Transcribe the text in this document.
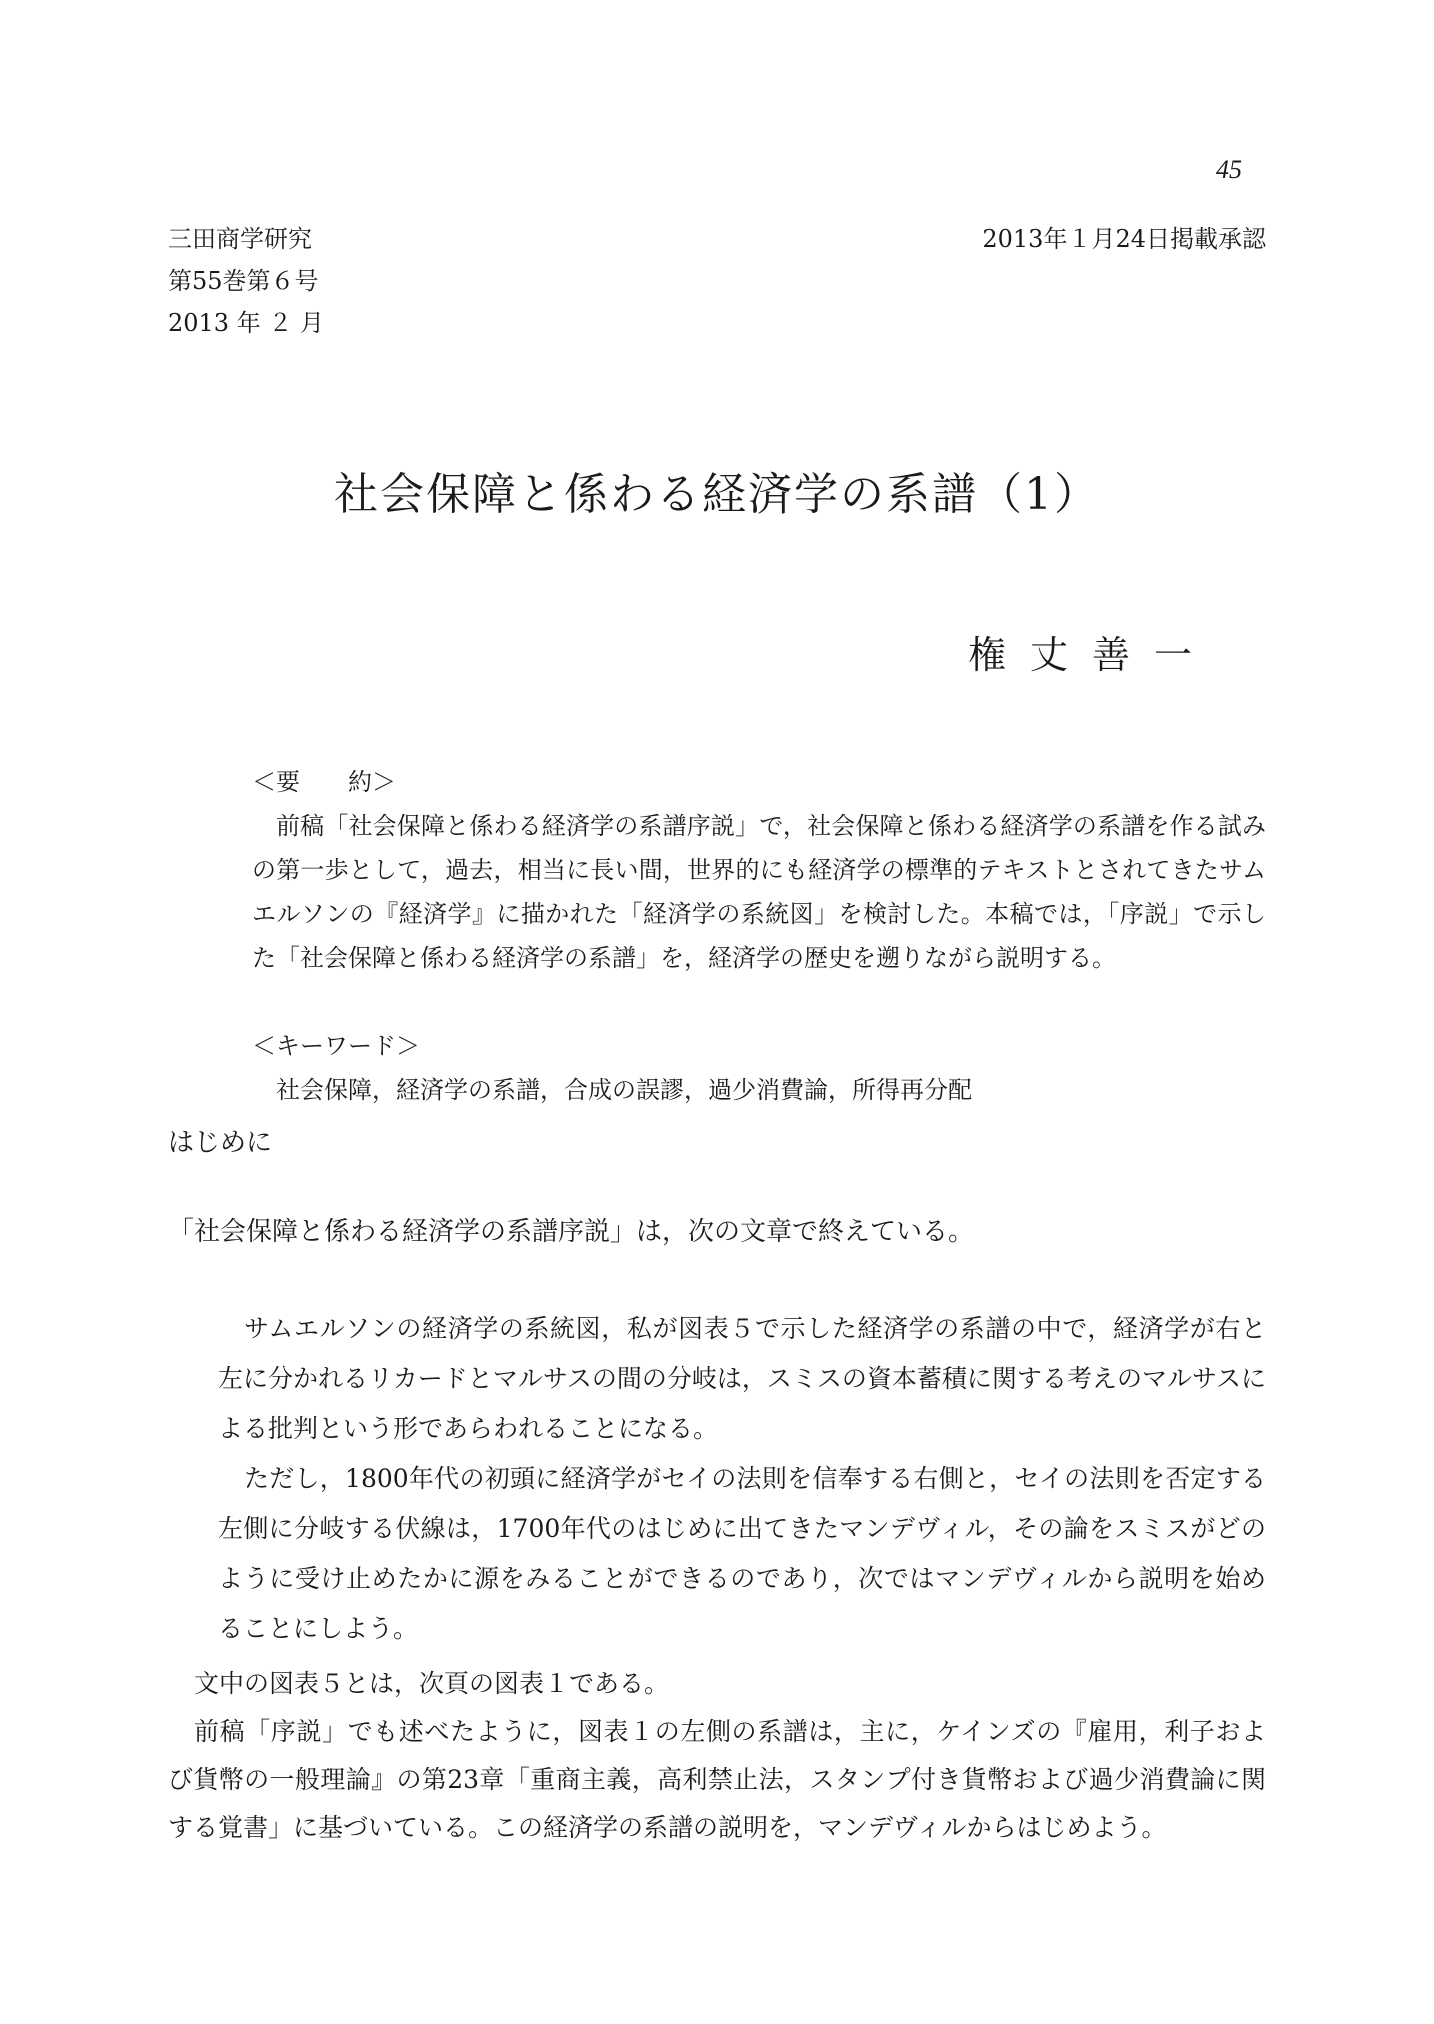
45
三田商学研究
第55巻第６号
2013 年 ２ 月
2013年１月24日掲載承認
社会保障と係わる経済学の系譜（1）
権丈善一
＜要　　約＞
前稿「社会保障と係わる経済学の系譜序説」で，社会保障と係わる経済学の系譜を作る試みの第一歩として，過去，相当に長い間，世界的にも経済学の標準的テキストとされてきたサムエルソンの『経済学』に描かれた「経済学の系統図」を検討した。本稿では，「序説」で示した「社会保障と係わる経済学の系譜」を，経済学の歴史を遡りながら説明する。
＜キーワード＞
社会保障，経済学の系譜，合成の誤謬，過少消費論，所得再分配
はじめに
「社会保障と係わる経済学の系譜序説」は，次の文章で終えている。

サムエルソンの経済学の系統図，私が図表５で示した経済学の系譜の中で，経済学が右と左に分かれるリカードとマルサスの間の分岐は，スミスの資本蓄積に関する考えのマルサスによる批判という形であらわれることになる。

ただし，1800年代の初頭に経済学がセイの法則を信奉する右側と，セイの法則を否定する左側に分岐する伏線は，1700年代のはじめに出てきたマンデヴィル，その論をスミスがどのように受け止めたかに源をみることができるのであり，次ではマンデヴィルから説明を始めることにしよう。

文中の図表５とは，次頁の図表１である。

前稿「序説」でも述べたように，図表１の左側の系譜は，主に，ケインズの『雇用，利子および貨幣の一般理論』の第23章「重商主義，高利禁止法，スタンプ付き貨幣および過少消費論に関する覚書」に基づいている。この経済学の系譜の説明を，マンデヴィルからはじめよう。
